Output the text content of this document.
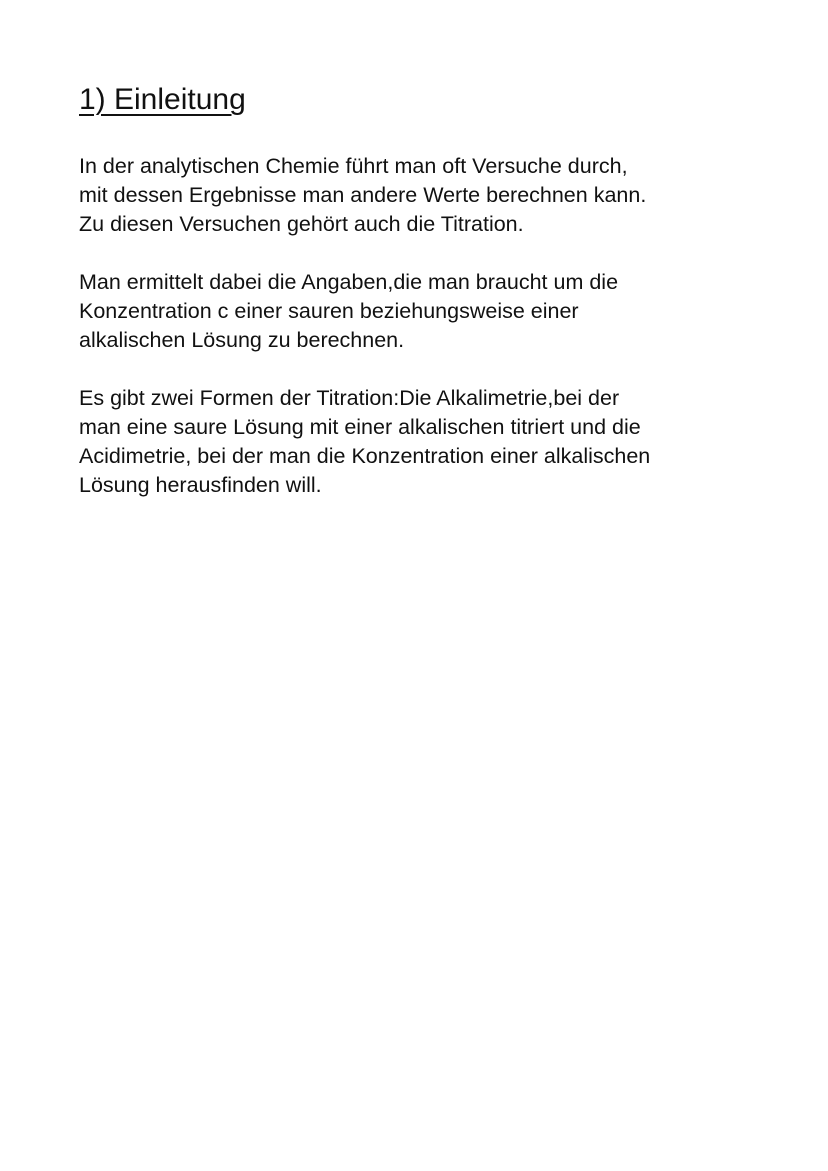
1) Einleitung

In der analytischen Chemie führt man oft Versuche durch,
mit dessen Ergebnisse man andere Werte berechnen kann.
Zu diesen Versuchen gehört auch die Titration.

Man ermittelt dabei die Angaben,die man braucht um die
Konzentration c einer sauren beziehungsweise einer
alkalischen Lösung zu berechnen.

Es gibt zwei Formen der Titration:Die Alkalimetrie,bei der
man eine saure Lösung mit einer alkalischen titriert und die
Acidimetrie, bei der man die Konzentration einer alkalischen
Lösung herausfinden will.
